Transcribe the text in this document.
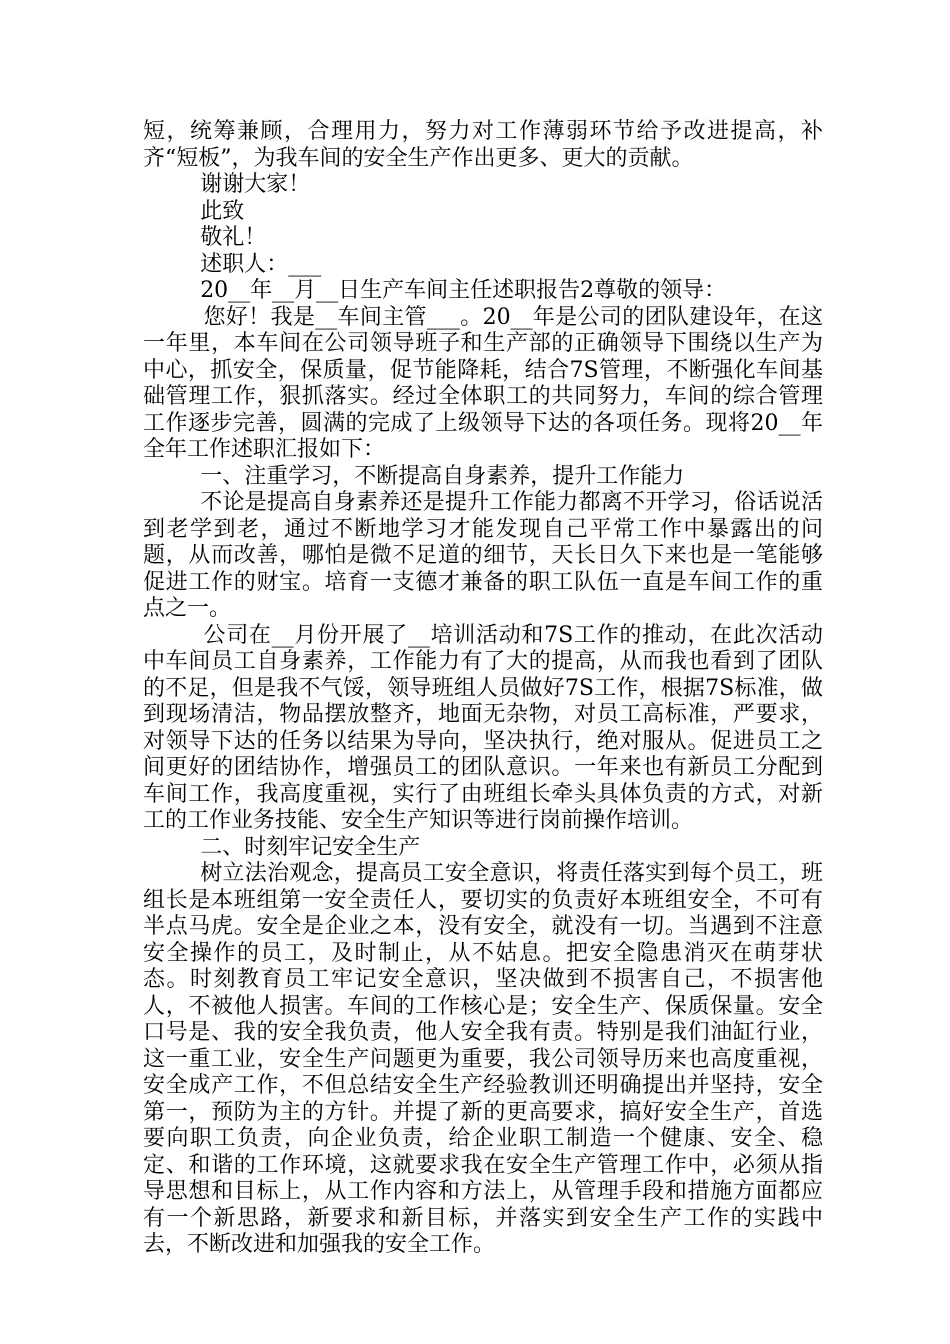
短，统筹兼顾，合理用力，努力对工作薄弱环节给予改进提高，补齐“短板”，为我车间的安全生产作出更多、更大的贡献。

谢谢大家！

此致

敬礼！

述职人：___

20__年__月__日生产车间主任述职报告2尊敬的领导：

您好！我是__车间主管___。20__年是公司的团队建设年，在这一年里，本车间在公司领导班子和生产部的正确领导下围绕以生产为中心，抓安全，保质量，促节能降耗，结合7S管理，不断强化车间基础管理工作，狠抓落实。经过全体职工的共同努力，车间的综合管理工作逐步完善，圆满的完成了上级领导下达的各项任务。现将20__年全年工作述职汇报如下：

一、注重学习，不断提高自身素养，提升工作能力

不论是提高自身素养还是提升工作能力都离不开学习，俗话说活到老学到老，通过不断地学习才能发现自己平常工作中暴露出的问题，从而改善，哪怕是微不足道的细节，天长日久下来也是一笔能够促进工作的财宝。培育一支德才兼备的职工队伍一直是车间工作的重点之一。

公司在__月份开展了__培训活动和7S工作的推动，在此次活动中车间员工自身素养，工作能力有了大的提高，从而我也看到了团队的不足，但是我不气馁，领导班组人员做好7S工作，根据7S标准，做到现场清洁，物品摆放整齐，地面无杂物，对员工高标准，严要求，对领导下达的任务以结果为导向，坚决执行，绝对服从。促进员工之间更好的团结协作，增强员工的团队意识。一年来也有新员工分配到车间工作，我高度重视，实行了由班组长牵头具体负责的方式，对新工的工作业务技能、安全生产知识等进行岗前操作培训。

二、时刻牢记安全生产

树立法治观念，提高员工安全意识，将责任落实到每个员工，班组长是本班组第一安全责任人，要切实的负责好本班组安全，不可有半点马虎。安全是企业之本，没有安全，就没有一切。当遇到不注意安全操作的员工，及时制止，从不姑息。把安全隐患消灭在萌芽状态。时刻教育员工牢记安全意识，坚决做到不损害自己，不损害他人，不被他人损害。车间的工作核心是；安全生产、保质保量。安全口号是、我的安全我负责，他人安全我有责。特别是我们油缸行业，这一重工业，安全生产问题更为重要，我公司领导历来也高度重视，安全成产工作，不但总结安全生产经验教训还明确提出并坚持，安全第一，预防为主的方针。并提了新的更高要求，搞好安全生产，首选要向职工负责，向企业负责，给企业职工制造一个健康、安全、稳定、和谐的工作环境，这就要求我在安全生产管理工作中，必须从指导思想和目标上，从工作内容和方法上，从管理手段和措施方面都应有一个新思路，新要求和新目标，并落实到安全生产工作的实践中去，不断改进和加强我的安全工作。
